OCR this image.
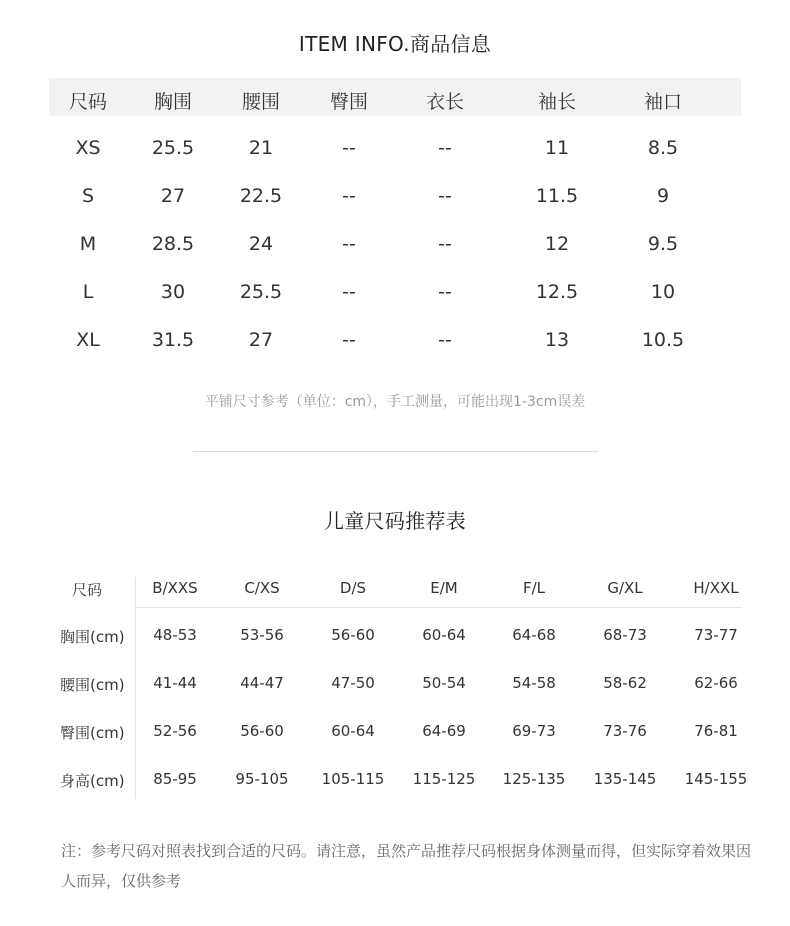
ITEM INFO.商品信息
尺码 胸围	腰围	臀围	衣长	袖长	袖口
XS	25.5	21	--	--	11	8.5
S	27	22.5	--	--	11.5	9
M	28.5	24	--	--	12	9.5
L	30	25.5	--	--	12.5	10
XL	31.5	27	--	--	13	10.5
平铺尺寸参考（单位：cm），手工测量，可能出现1-3cm误差
儿童尺码推荐表
尺码	B/XXS	C/XS	D/S	E/M	F/L	G/XL	H/XXL
胸围(cm) 48-53	53-56	56-60	60-64	64-68	68-73	73-77
腰围(cm) 41-44	44-47	47-50	50-54	54-58	58-62	62-66
臀围(cm) 52-56	56-60	60-64	64-69	69-73	73-76	76-81
身高(cm) 85-95	95-105 105-115 115-125 125-135 135-145 145-155
注：参考尺码对照表找到合适的尺码。请注意，虽然产品推荐尺码根据身体测量而得，但实际穿着效果因人而异，仅供参考
